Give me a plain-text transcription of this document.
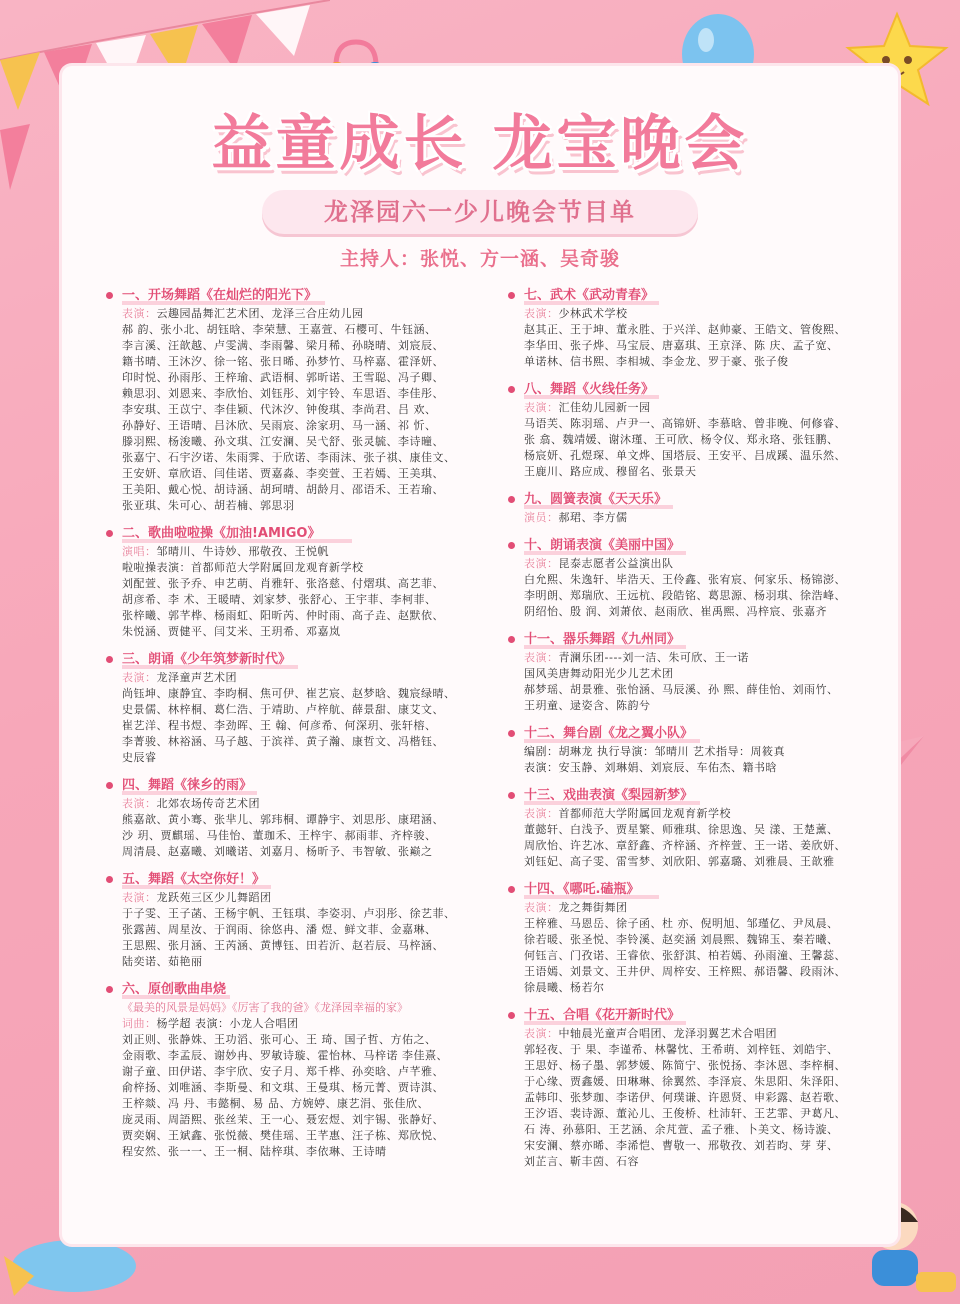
益童成长 龙宝晚会
龙泽园六一少儿晚会节目单
主持人：张悦、方一涵、吴奇骏
一、开场舞蹈《在灿烂的阳光下》
表演：云趣园晶舞汇艺术团、龙泽三合庄幼儿园
郝 韵、张小北、胡钰晗、李荣慧、王嘉萱、石樱可、牛钰涵、
李言溪、汪歆越、卢雯满、李雨馨、梁月稀、孙晓晴、刘宸辰、
籍书晴、王沐汐、徐一铭、张日晞、孙梦竹、马梓嘉、霍泽妍、
印时悦、孙雨彤、王梓瑜、武语桐、郭昕诺、王雪聪、冯子卿、
赖思羽、刘恩来、李欣怡、刘钰彤、刘宇铃、车思语、李佳彤、
李安琪、王苡宁、李佳颖、代沐汐、钟俊琪、李尚君、吕 欢、
孙静好、王语晴、吕沐欣、吴雨宸、涂家玥、马一涵、祁 忻、
滕羽熙、杨浚曦、孙文琪、江安澜、吴弋舒、张灵毓、李诗曈、
张嘉宁、石宇汐诺、朱雨霁、于欣诺、李雨沫、张子祺、康佳文、
王安妍、章欣语、闫佳诺、贾嘉淼、李奕萱、王若嫣、王美琪、
王美阳、戴心悦、胡诗涵、胡珂晴、胡龄月、邵语禾、王若瑜、
张亚琪、朱可心、胡若楠、郭思羽
二、歌曲啦啦操《加油!AMIGO》
演唱：邹晴川、牛诗妙、邢敬孜、王悦帆
啦啦操表演：首都师范大学附属回龙观育新学校
刘配萱、张予乔、申艺萌、肖雅轩、张洛慈、付熠琪、高艺菲、
胡彦希、李 术、王暖晴、刘家梦、张舒心、王宇菲、李柯菲、
张梓曦、郭芊桦、杨雨虹、阳昕芮、仲时雨、高子垚、赵默依、
朱悦涵、贾健平、闫艾米、王玥希、邓嘉岚
三、朗诵《少年筑梦新时代》
表演：龙泽童声艺术团
尚钰坤、康静宜、李昀桐、焦可伊、崔艺宸、赵梦晗、魏宸绿晴、
史景儒、林梓桐、葛仁浩、于靖助、卢梓航、薛景甜、康艾文、
崔艺洋、程书煜、李劲晖、王 翰、何彦希、何深玥、张轩榕、
李菁骏、林裕涵、马子越、于滨祥、黄子瀚、康哲文、冯楷钰、
史辰睿
四、舞蹈《徕乡的雨》
表演：北郊农场传奇艺术团
熊嘉歆、黄小骞、张芈儿、郭玮桐、谭静宇、刘思彤、康珺涵、
沙 玥、贾麒瑶、马佳怡、董珈禾、王梓宇、郝雨菲、齐梓骏、
周清晨、赵嘉曦、刘曦诺、刘嘉月、杨昕予、韦智敏、张巅之
五、舞蹈《太空你好！》
表演：龙跃苑三区少儿舞蹈团
于子雯、王子菡、王杨宇帆、王钰琪、李姿羽、卢羽彤、徐艺菲、
张露茜、周星汝、于润雨、徐悠冉、潘 煜、鲜文菲、金嘉琳、
王思熙、张月涵、王芮涵、黄博钰、田若沂、赵若辰、马梓涵、
陆奕诺、茹艳丽
六、原创歌曲串烧
《最美的风景是妈妈》《厉害了我的爸》《龙泽园幸福的家》
词曲：杨学超 表演：小龙人合唱团
刘正则、张静姝、王功滔、张可心、王 琦、国子哲、方佑之、
金雨歌、李孟辰、谢妙冉、罗敏诗璇、霍怡林、马梓诺 李佳熹、
谢子童、田伊诺、李宇欣、安子月、郑千桦、孙奕晗、卢芊雅、
俞梓扬、刘唯涵、李斯曼、和文琪、王曼琪、杨元菁、贾诗淇、
王梓燚、冯 丹、韦懿桐、易 品、方婉婷、康艺涓、张佳欣、
庞灵雨、周語熙、张丝茉、王一心、聂宏煜、刘宇锡、张静好、
贾奕娴、王斌鑫、张悦薇、樊佳瑶、王芊惠、汪子栋、郑欣悦、
程安然、张一一、王一桐、陆梓琪、李依琳、王诗晴
七、武术《武动青春》
表演：少林武术学校
赵其正、王于坤、董永胜、于兴洋、赵帅豪、王皓文、管俊熙、
李华田、张子烨、马宝辰、唐嘉琪、王京泽、陈 庆、孟子宽、
单诺林、信书熙、李相城、李金龙、罗于豪、张子俊
八、舞蹈《火线任务》
表演：汇佳幼儿园新一园
马语芙、陈羽瑶、卢尹一、高锦妍、李慕晗、曾非晚、何修睿、
张 翕、魏靖媛、谢沐瑾、王可欣、杨令仪、郑永珞、张钰鹏、
杨宸妍、孔煜琛、单文烨、国塔辰、王安平、吕成蹊、温乐然、
王鹿川、路应成、穆留名、张景天
九、圆簧表演《天天乐》
演员：郝珺、李方儒
十、朗诵表演《美丽中国》
表演：昆泰志愿者公益演出队
白允熙、朱逸轩、毕浩天、王伶鑫、张宥宸、何家乐、杨锦澎、
李明朗、郑瑞欣、王远杭、段皓铭、葛思源、杨羽琪、徐浩峰、
阴绍怡、殷 润、刘萧依、赵雨欣、崔禹熙、冯梓宸、张嘉齐
十一、器乐舞蹈《九州同》
表演：青澜乐团----刘一洁、朱可欣、王一诺
国风美唐舞动阳光少儿艺术团
郝梦瑶、胡景雅、张怡涵、马辰溪、孙 熙、薛佳怡、刘雨竹、
王玥童、逯姿含、陈韵兮
十二、舞台剧《龙之翼小队》
编剧：胡琳龙 执行导演：邹晴川 艺术指导：周筱真
表演：安玉静、刘琳娟、刘宸辰、车佑杰、籍书晗
十三、戏曲表演《梨园新梦》
表演：首都师范大学附属回龙观育新学校
董懿轩、白浅予、贾星繁、师雅琪、徐思逸、吴 漾、王楚薰、
周欣怡、许艺冰、章舒鑫、齐梓涵、齐梓萱、王一诺、姜欣妍、
刘钰妃、高子雯、雷雪梦、刘欣阳、郭嘉璐、刘雅晨、王歆雅
十四、《哪吒.磕瓶》
表演：龙之舞街舞团
王梓雅、马恩岳、徐子函、杜 亦、倪明旭、邹瑾亿、尹凤晨、
徐若暖、张圣悦、李铃溪、赵奕涵 刘晨熙、魏锦玉、秦若曦、
何钰言、门孜诺、王睿依、张舒淇、柏若嫣、孙雨潼、王馨蕊、
王语嫣、刘景文、王井伊、周梓安、王梓熙、郝语馨、段雨沐、
徐晨曦、杨若尔
十五、合唱《花开新时代》
表演：中轴晨光童声合唱团、龙泽羽翼艺术合唱团
郭轻夜、于 果、李谨希、林馨忱、王希萌、刘梓钰、刘皓宇、
王思妤、杨子墨、郭梦媛、陈简宁、张悦扬、李沐恩、李梓桐、
于心缘、贾鑫媛、田琳琳、徐翼然、李泽宸、朱思阳、朱泽阳、
孟韩印、张梦珈、李诺伊、何璞谦、许恩贤、申彩露、赵若歌、
王汐语、裴诗源、董沁儿、王俊桥、杜沛轩、王艺霏、尹葛凡、
石 涛、孙慕阳、王艺涵、余芃萱、孟子雅、卜美文、杨诗漩、
宋安澜、蔡亦晞、李浠恺、曹敬一、邢敬孜、刘若昀、芽 芽、
刘芷言、靳丰茵、石容
